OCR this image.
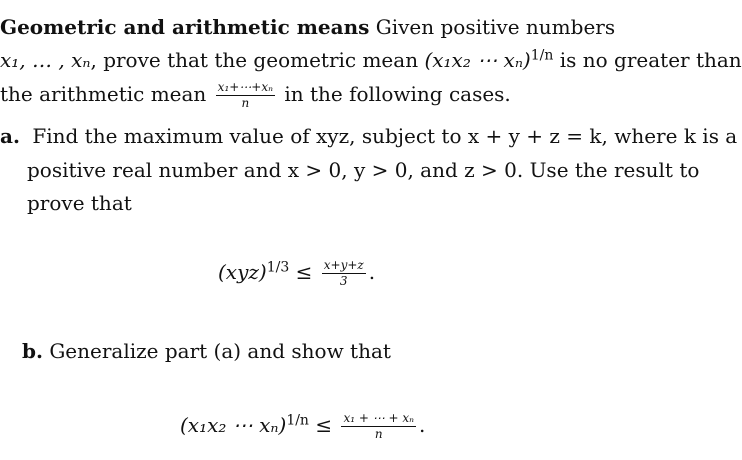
Geometric and arithmetic means Given positive numbers
x₁, … , xₙ, prove that the geometric mean (x₁x₂ ⋯ xₙ)$^{1/n}$ is no greater than
the arithmetic mean $\frac{\text{x₁+⋯+xₙ}}{n}$ in the following cases.
a. Find the maximum value of xyz, subject to x + y + z = k, where k is a
positive real number and x > 0, y > 0, and z > 0. Use the result to
prove that
$(xyz)^{1/3} \le \frac{x+y+z}{3}$ .
b. Generalize part (a) and show that
(x₁x₂ ⋯ $x_n)^{1/n} \le \frac{\text{x₁ + ⋯ + xₙ}}{n}$ .
